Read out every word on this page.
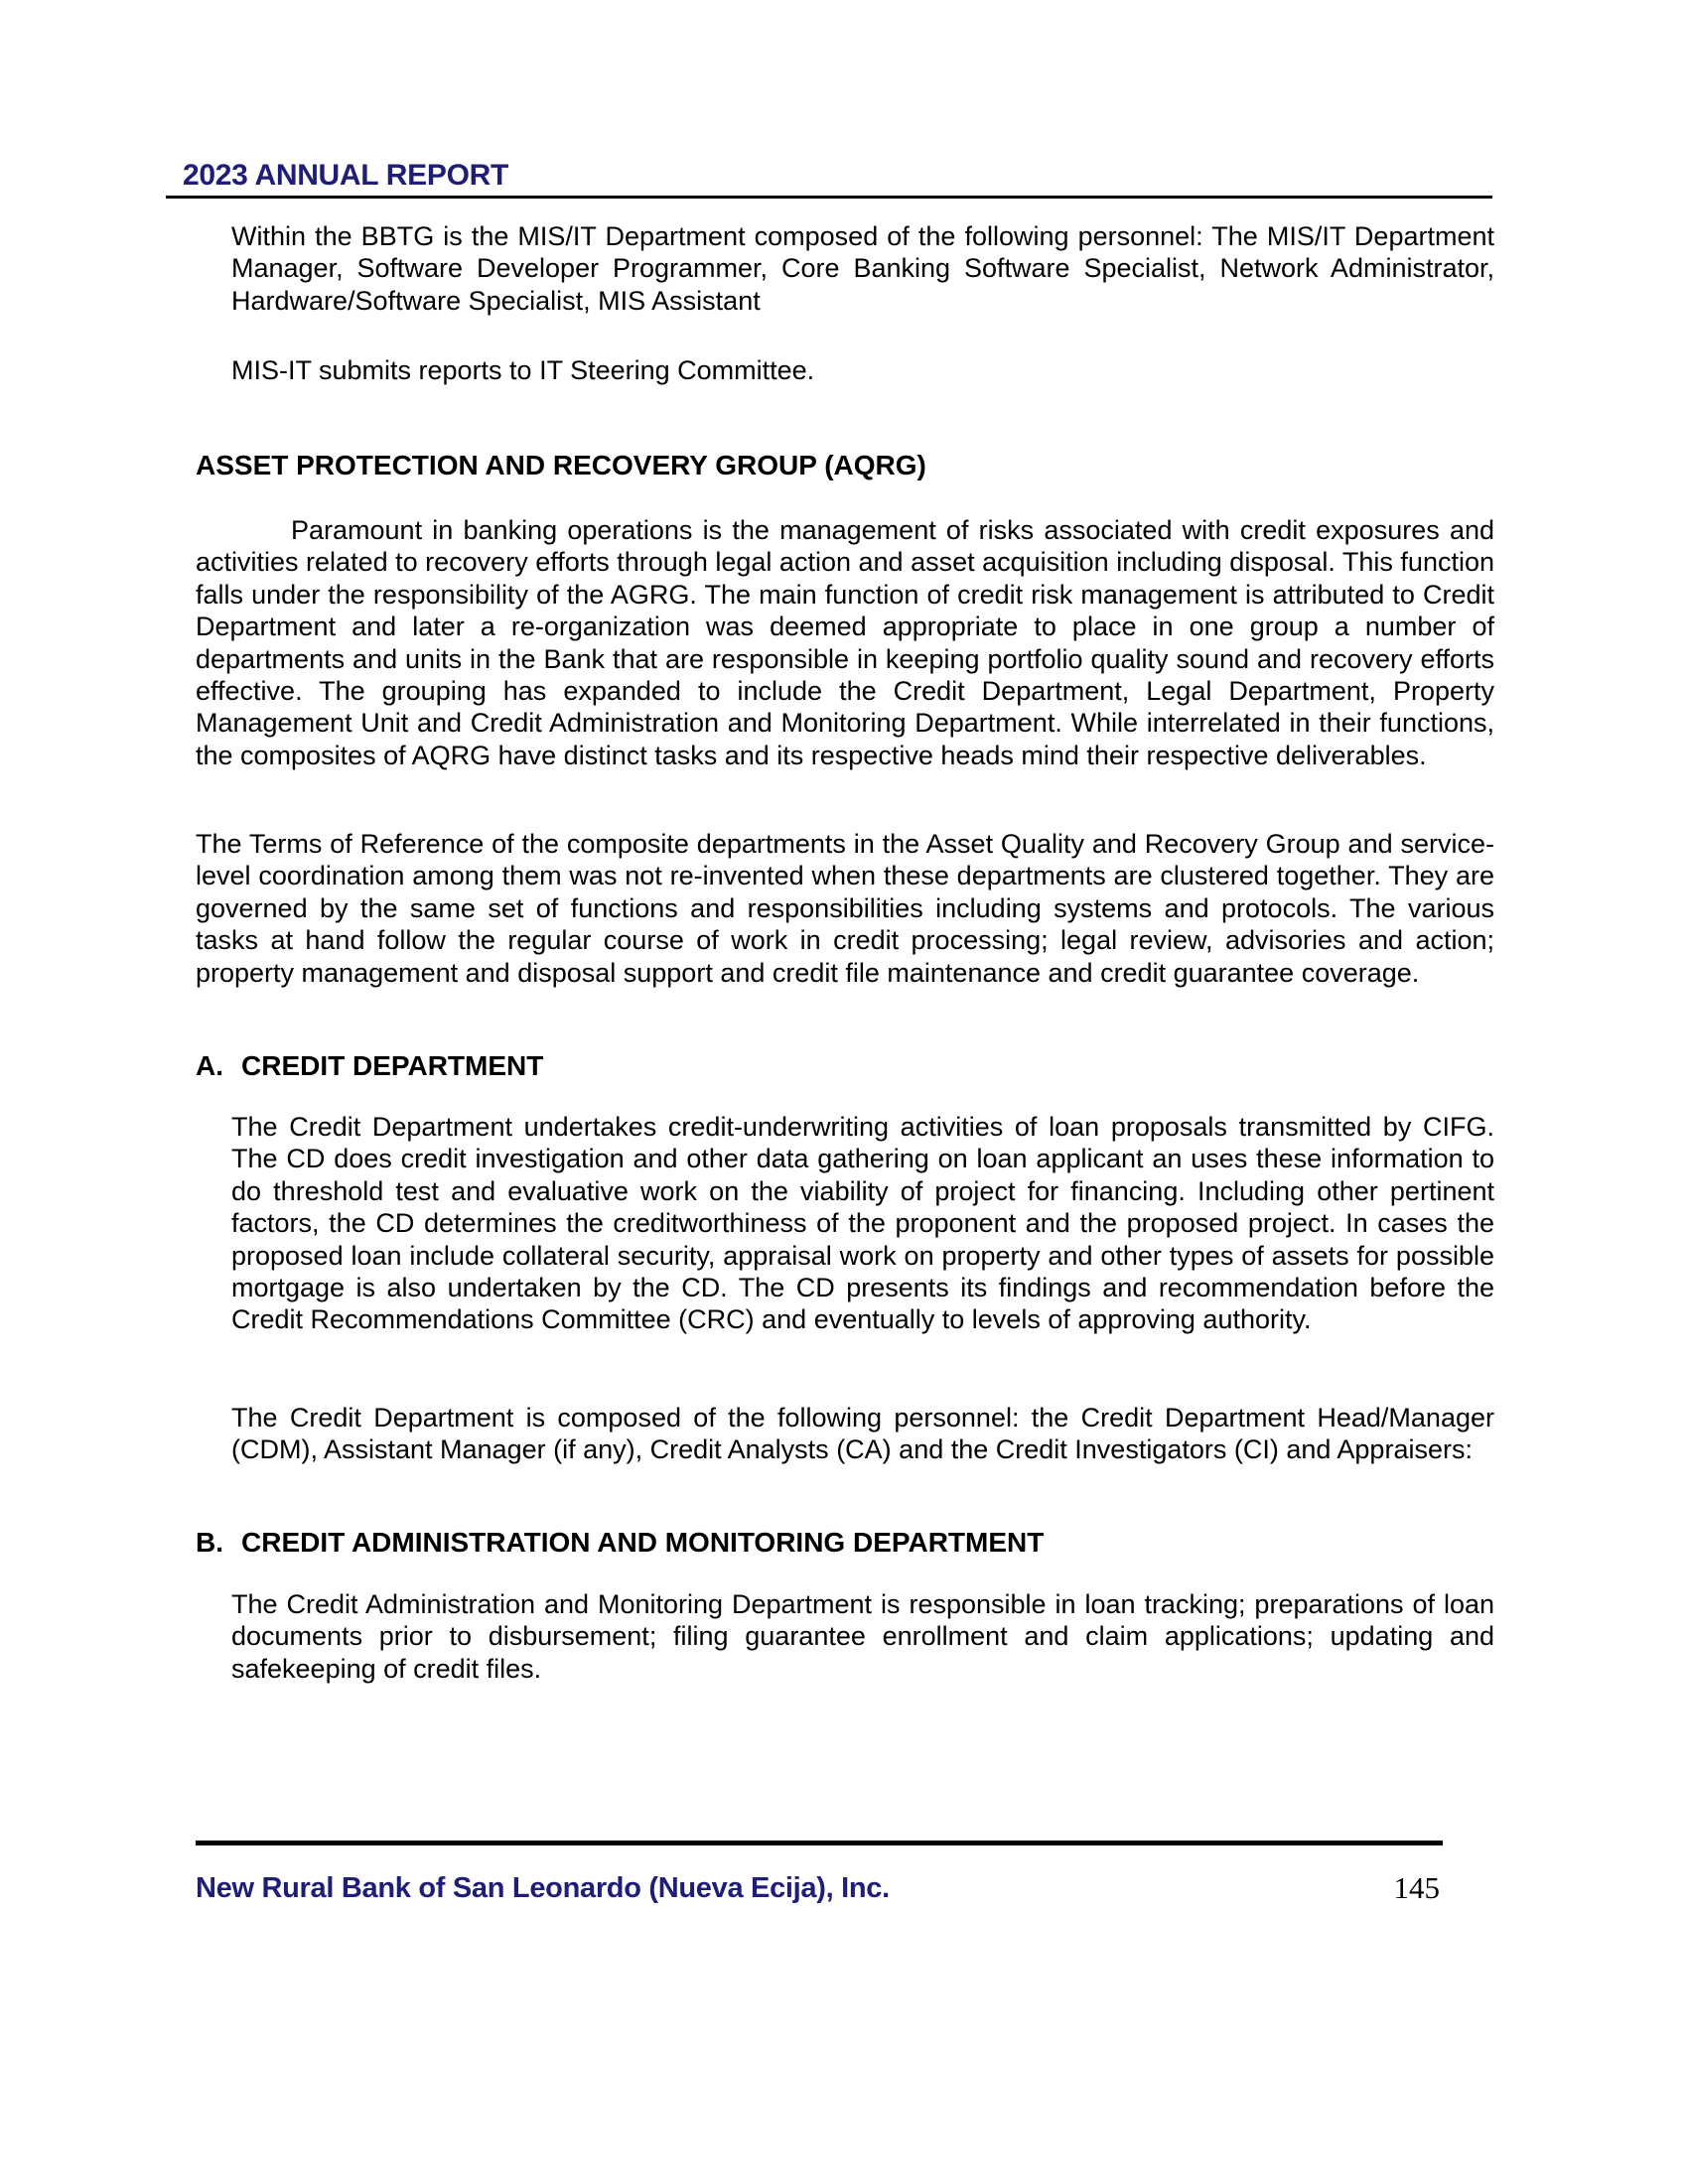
2023 ANNUAL REPORT
Within the BBTG is the MIS/IT Department composed of the following personnel: The MIS/IT Department Manager, Software Developer Programmer, Core Banking Software Specialist, Network Administrator, Hardware/Software Specialist, MIS Assistant
MIS-IT submits reports to IT Steering Committee.
ASSET PROTECTION AND RECOVERY GROUP (AQRG)
Paramount in banking operations is the management of risks associated with credit exposures and activities related to recovery efforts through legal action and asset acquisition including disposal. This function falls under the responsibility of the AGRG. The main function of credit risk management is attributed to Credit Department and later a re-organization was deemed appropriate to place in one group a number of departments and units in the Bank that are responsible in keeping portfolio quality sound and recovery efforts effective. The grouping has expanded to include the Credit Department, Legal Department, Property Management Unit and Credit Administration and Monitoring Department. While interrelated in their functions, the composites of AQRG have distinct tasks and its respective heads mind their respective deliverables.
The Terms of Reference of the composite departments in the Asset Quality and Recovery Group and service-level coordination among them was not re-invented when these departments are clustered together. They are governed by the same set of functions and responsibilities including systems and protocols. The various tasks at hand follow the regular course of work in credit processing; legal review, advisories and action; property management and disposal support and credit file maintenance and credit guarantee coverage.
A. CREDIT DEPARTMENT
The Credit Department undertakes credit-underwriting activities of loan proposals transmitted by CIFG. The CD does credit investigation and other data gathering on loan applicant an uses these information to do threshold test and evaluative work on the viability of project for financing. Including other pertinent factors, the CD determines the creditworthiness of the proponent and the proposed project. In cases the proposed loan include collateral security, appraisal work on property and other types of assets for possible mortgage is also undertaken by the CD. The CD presents its findings and recommendation before the Credit Recommendations Committee (CRC) and eventually to levels of approving authority.
The Credit Department is composed of the following personnel: the Credit Department Head/Manager (CDM), Assistant Manager (if any), Credit Analysts (CA) and the Credit Investigators (CI) and Appraisers:
B. CREDIT ADMINISTRATION AND MONITORING DEPARTMENT
The Credit Administration and Monitoring Department is responsible in loan tracking; preparations of loan documents prior to disbursement; filing guarantee enrollment and claim applications; updating and safekeeping of credit files.
New Rural Bank of San Leonardo (Nueva Ecija), Inc.	145
